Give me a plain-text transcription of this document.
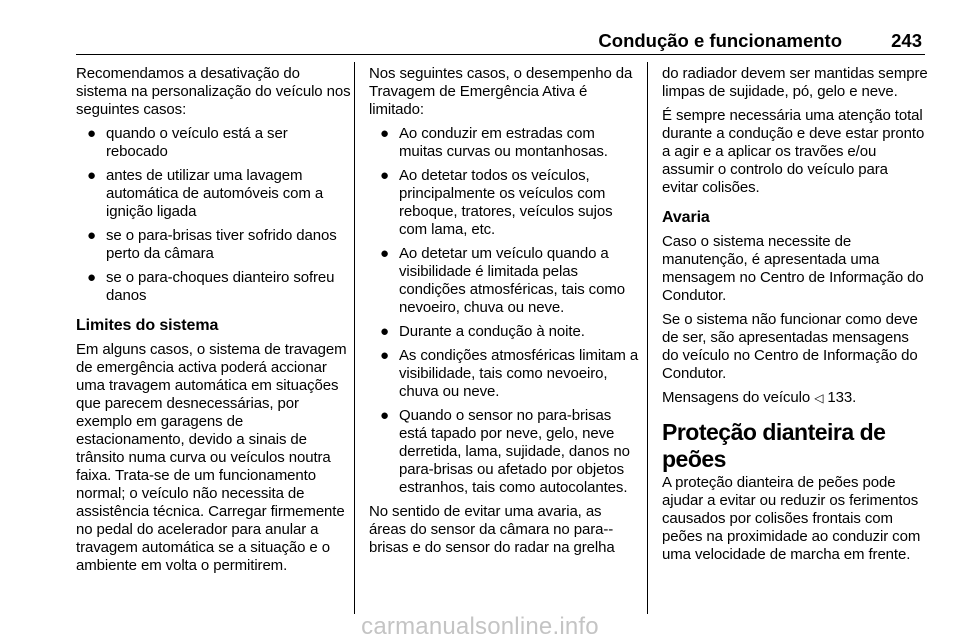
Condução e funcionamento	243

Recomendamos a desativação do sistema na personalização do veículo nos seguintes casos:

● quando o veículo está a ser rebocado
● antes de utilizar uma lavagem automática de automóveis com a ignição ligada
● se o para-brisas tiver sofrido danos perto da câmara
● se o para-choques dianteiro sofreu danos
Limites do sistema

Em alguns casos, o sistema de travagem de emergência activa poderá accionar uma travagem automática em situações que parecem desnecessárias, por exemplo em garagens de estacionamento, devido a sinais de trânsito numa curva ou veículos noutra faixa. Trata-se de um funcionamento normal; o veículo não necessita de assistência técnica. Carregar firmemente no pedal do acelerador para anular a travagem automática se a situação e o ambiente em volta o permitirem.

Nos seguintes casos, o desempenho da Travagem de Emergência Ativa é limitado:

● Ao conduzir em estradas com muitas curvas ou montanhosas.
● Ao detetar todos os veículos, principalmente os veículos com reboque, tratores, veículos sujos com lama, etc.
● Ao detetar um veículo quando a visibilidade é limitada pelas condições atmosféricas, tais como nevoeiro, chuva ou neve.
● Durante a condução à noite.
● As condições atmosféricas limitam a visibilidade, tais como nevoeiro, chuva ou neve.
● Quando o sensor no para-brisas está tapado por neve, gelo, neve derretida, lama, sujidade, danos no para-brisas ou afetado por objetos estranhos, tais como autocolantes.

No sentido de evitar uma avaria, as áreas do sensor da câmara no para--brisas e do sensor do radar na grelha

do radiador devem ser mantidas sempre limpas de sujidade, pó, gelo e neve.

É sempre necessária uma atenção total durante a condução e deve estar pronto a agir e a aplicar os travões e/ou assumir o controlo do veículo para evitar colisões.

Avaria

Caso o sistema necessite de manutenção, é apresentada uma mensagem no Centro de Informação do Condutor.

Se o sistema não funcionar como deve de ser, são apresentadas mensagens do veículo no Centro de Informação do Condutor.

Mensagens do veículo ◁ 133.

Proteção dianteira de peões

A proteção dianteira de peões pode ajudar a evitar ou reduzir os ferimentos causados por colisões frontais com peões na proximidade ao conduzir com uma velocidade de marcha em frente.

carmanualsonline.info
